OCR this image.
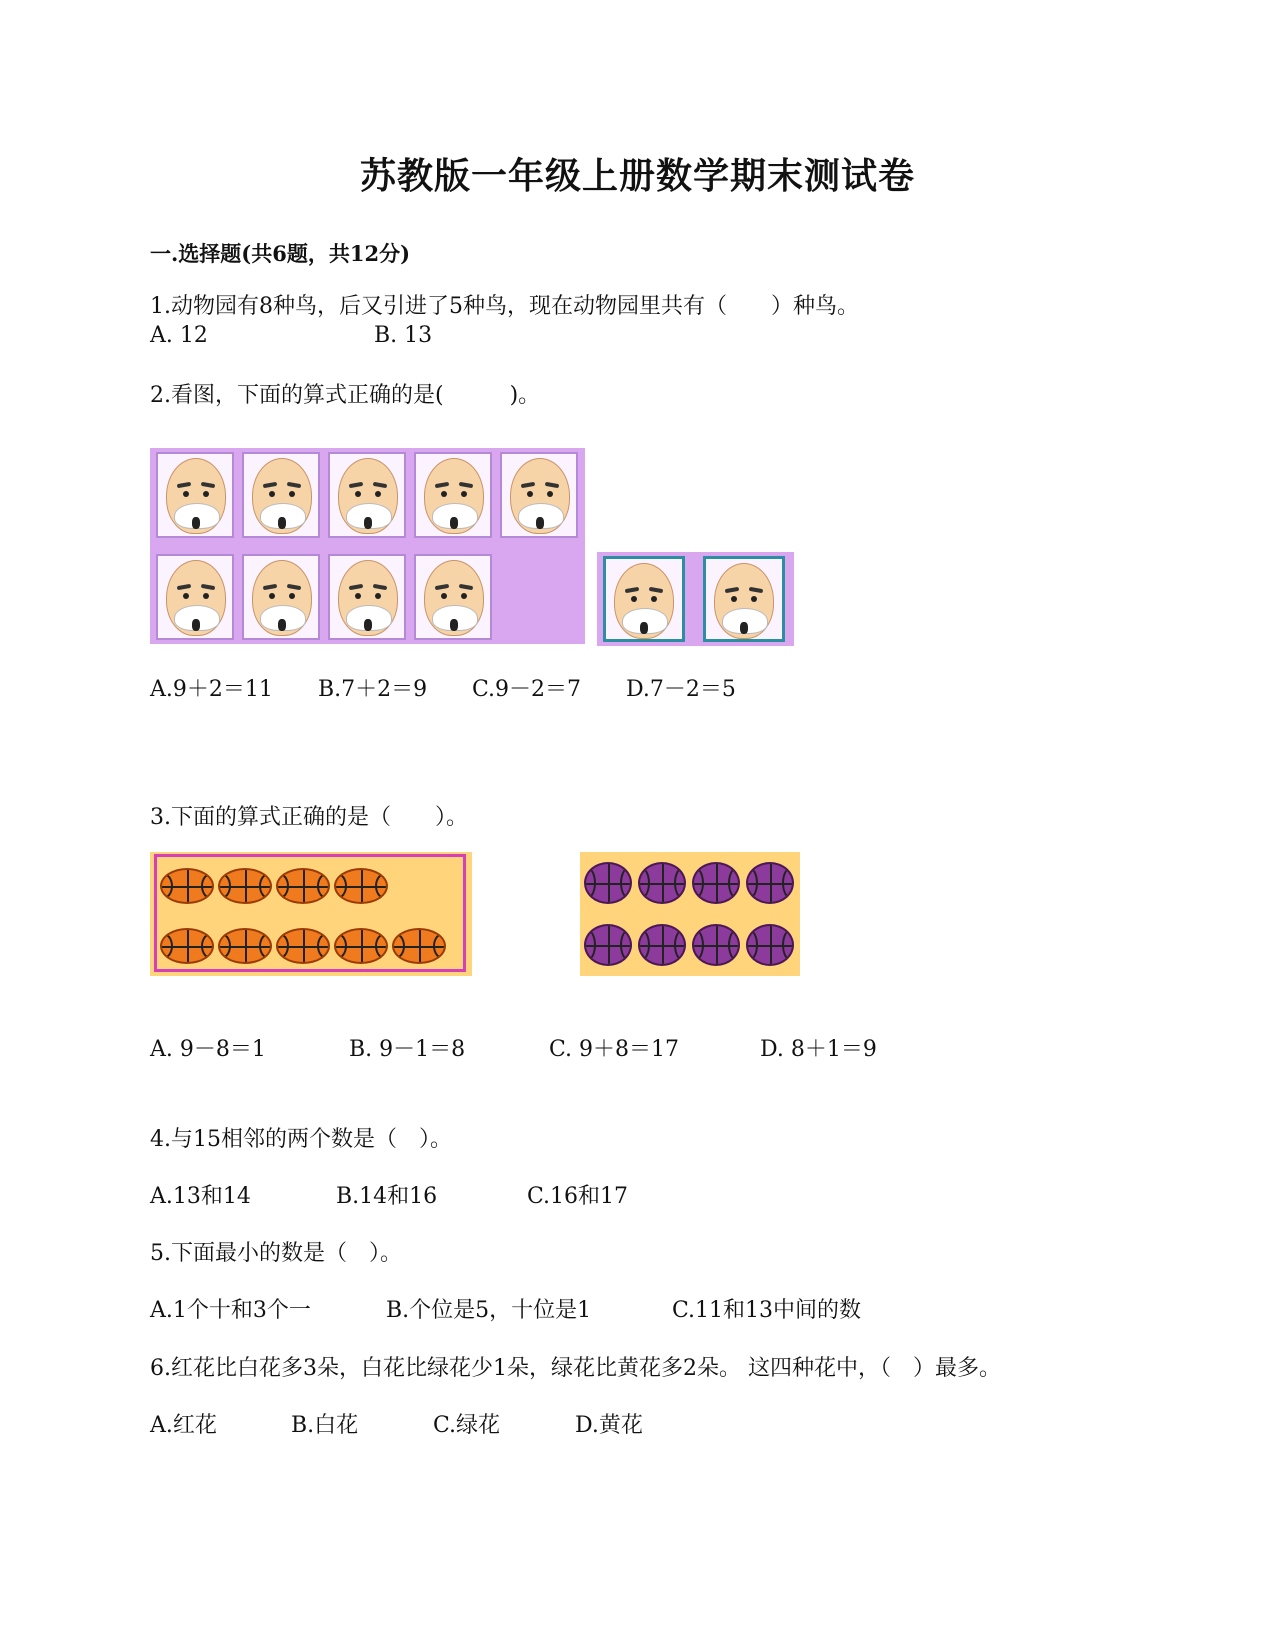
苏教版一年级上册数学期末测试卷
一.选择题(共6题，共12分)
1.动物园有8种鸟，后又引进了5种鸟，现在动物园里共有（　　）种鸟。
A. 12	B. 13
2.看图，下面的算式正确的是(　　　)。
A.9＋2＝11 B.7＋2＝9 C.9－2＝7 D.7－2＝5
3.下面的算式正确的是（　　）。
A. 9－8＝1	B. 9－1＝8	C. 9＋8＝17	D. 8＋1＝9
4.与15相邻的两个数是（　）。
A.13和14	B.14和16	C.16和17
5.下面最小的数是（　）。
A.1个十和3个一	B.个位是5，十位是1	C.11和13中间的数
6.红花比白花多3朵，白花比绿花少1朵，绿花比黄花多2朵。 这四种花中，（　）最多。
A.红花	B.白花	C.绿花	D.黄花
